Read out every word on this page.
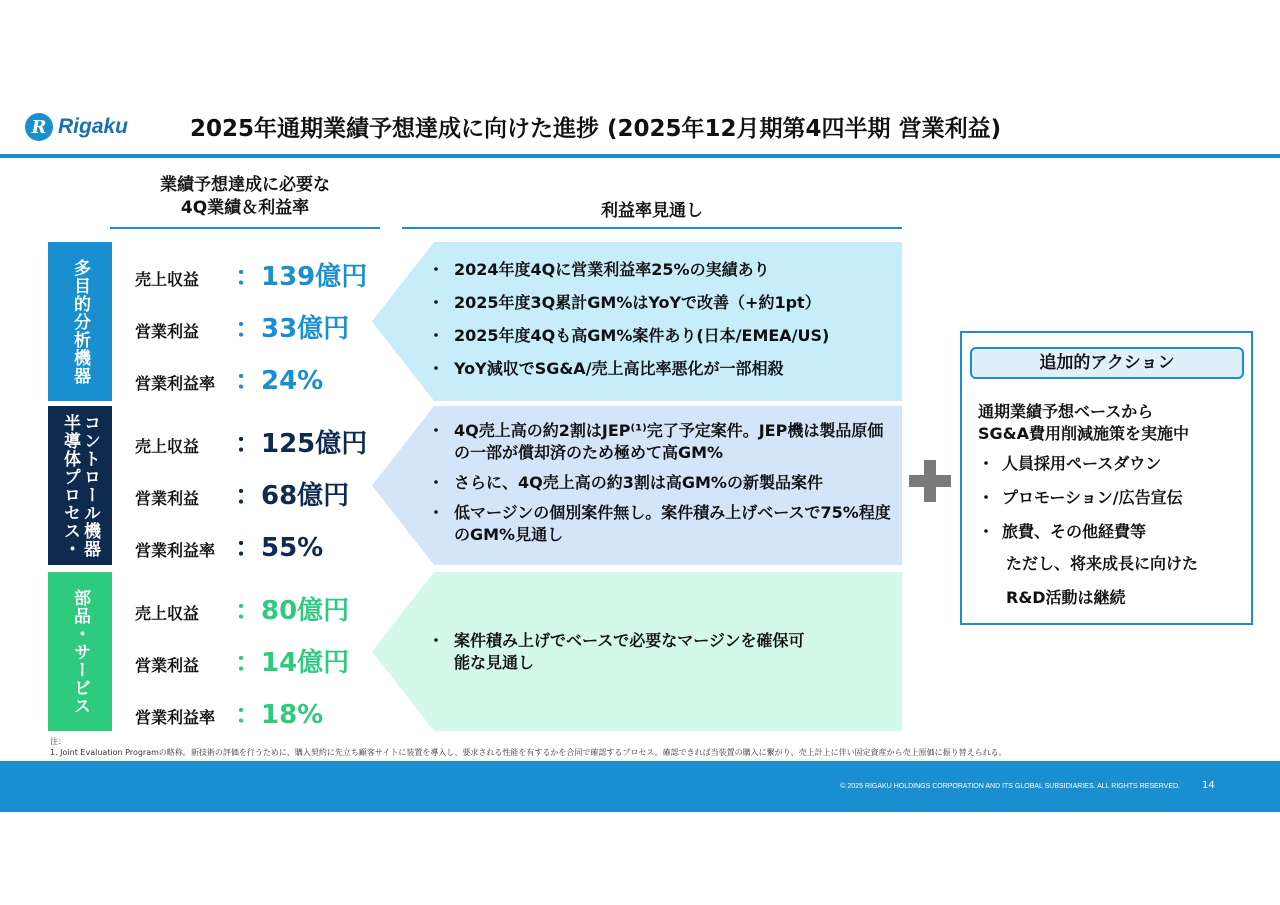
R Rigaku	2025年通期業績予想達成に向けた進捗 (2025年12月期第4四半期 営業利益)
業績予想達成に必要な
4Q業績＆利益率	利益率見通し
多目的分析機器
半導体プロセス・ コントロール機器
部品・サービス
売上収益	：139億円
営業利益	：33億円
営業利益率 ：24%
売上収益	：125億円
営業利益	：68億円
営業利益率 ：55%
売上収益	：80億円
営業利益	：14億円
営業利益率 ：18%
・ 2024年度4Qに営業利益率25%の実績あり
・ 2025年度3Q累計GM%はYoYで改善（+約1pt）
・ 2025年度4Qも高GM%案件あり(日本/EMEA/US)
・ YoY減収でSG&A/売上高比率悪化が一部相殺
・ 4Q売上高の約2割はJEP⁽¹⁾完了予定案件。JEP機は製品原価の一部が償却済のため極めて高GM%
・ さらに、4Q売上高の約3割は高GM%の新製品案件
・ 低マージンの個別案件無し。案件積み上げベースで75%程度のGM%見通し
・ 案件積み上げでベースで必要なマージンを確保可能な見通し
追加的アクション
通期業績予想ベースから
SG&A費用削減施策を実施中
・ 人員採用ペースダウン
・ プロモーション/広告宣伝
・ 旅費、その他経費等
ただし、将来成長に向けた
R&D活動は継続
注：
1. Joint Evaluation Programの略称。新技術の評価を行うために、購入契約に先立ち顧客サイトに装置を導入し、要求される性能を有するかを合同で確認するプロセス。確認できれば当装置の購入に繋がり、売上計上に伴い固定資産から売上原価に振り替えられる。
© 2025 RIGAKU HOLDINGS CORPORATION AND ITS GLOBAL SUBSIDIARIES. ALL RIGHTS RESERVED. 14
